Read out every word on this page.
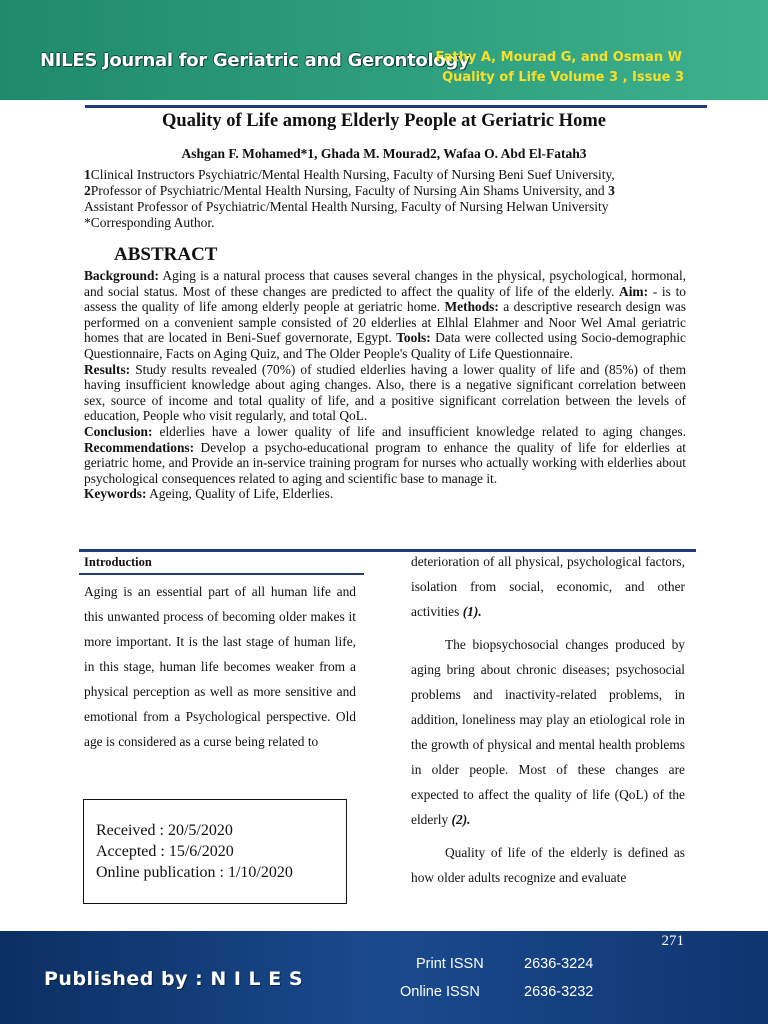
NILES Journal for Geriatric and Gerontology
Fathy A, Mourad G, and Osman W
Quality of Life Volume 3 , Issue 3
Quality of Life among Elderly People at Geriatric Home
Ashgan F. Mohamed*1, Ghada M. Mourad2, Wafaa O. Abd El-Fatah3
1Clinical Instructors Psychiatric/Mental Health Nursing, Faculty of Nursing Beni Suef University,
2Professor of Psychiatric/Mental Health Nursing, Faculty of Nursing Ain Shams University, and 3
Assistant Professor of Psychiatric/Mental Health Nursing, Faculty of Nursing Helwan University
*Corresponding Author.
ABSTRACT
Background: Aging is a natural process that causes several changes in the physical, psychological, hormonal, and social status. Most of these changes are predicted to affect the quality of life of the elderly. Aim: - is to assess the quality of life among elderly people at geriatric home. Methods: a descriptive research design was performed on a convenient sample consisted of 20 elderlies at Elhlal Elahmer and Noor Wel Amal geriatric homes that are located in Beni-Suef governorate, Egypt. Tools: Data were collected using Socio-demographic Questionnaire, Facts on Aging Quiz, and The Older People's Quality of Life Questionnaire.
Results: Study results revealed (70%) of studied elderlies having a lower quality of life and (85%) of them having insufficient knowledge about aging changes. Also, there is a negative significant correlation between sex, source of income and total quality of life, and a positive significant correlation between the levels of education, People who visit regularly, and total QoL.
Conclusion: elderlies have a lower quality of life and insufficient knowledge related to aging changes. Recommendations: Develop a psycho-educational program to enhance the quality of life for elderlies at geriatric home, and Provide an in-service training program for nurses who actually working with elderlies about psychological consequences related to aging and scientific base to manage it.
Keywords: Ageing, Quality of Life, Elderlies.
Introduction

Aging is an essential part of all human life and this unwanted process of becoming older makes it more important. It is the last stage of human life, in this stage, human life becomes weaker from a physical perception as well as more sensitive and emotional from a Psychological perspective. Old age is considered as a curse being related to

deterioration of all physical, psychological factors, isolation from social, economic, and other activities (1).

The biopsychosocial changes produced by aging bring about chronic diseases; psychosocial problems and inactivity-related problems, in addition, loneliness may play an etiological role in the growth of physical and mental health problems in older people. Most of these changes are expected to affect the quality of life (QoL) of the elderly (2).

Quality of life of the elderly is defined as how older adults recognize and evaluate

Received : 20/5/2020
Accepted : 15/6/2020
Online publication : 1/10/2020
271
Published by : N I L E S
Print ISSN	2636-3224
Online ISSN	2636-3232
